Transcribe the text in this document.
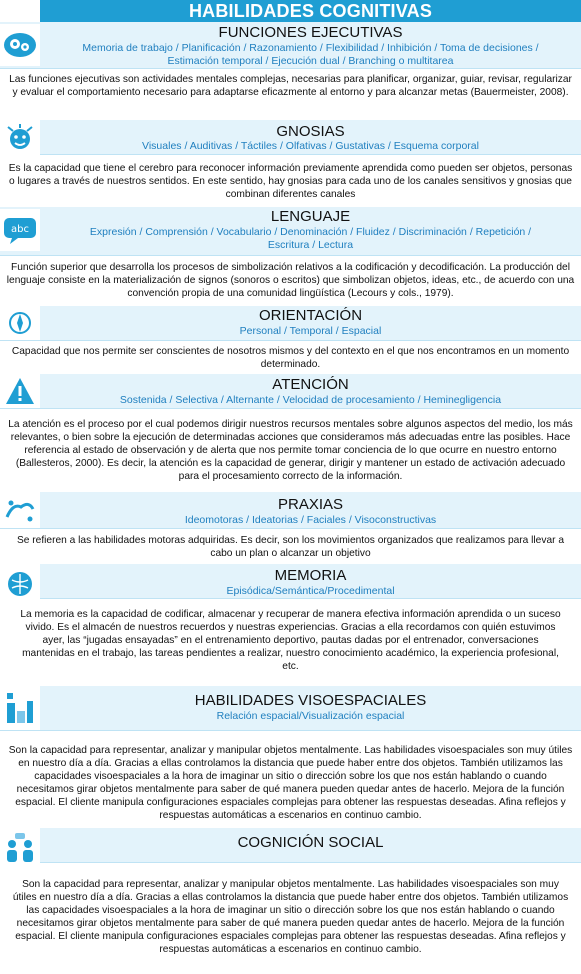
HABILIDADES COGNITIVAS
FUNCIONES EJECUTIVAS
Memoria de trabajo / Planificación / Razonamiento / Flexibilidad / Inhibición / Toma de decisiones /
Estimación temporal / Ejecución dual / Branching o multitarea
Las funciones ejecutivas son actividades mentales complejas, necesarias para planificar, organizar, guiar, revisar, regularizar y evaluar el comportamiento necesario para adaptarse eficazmente al entorno y para alcanzar metas (Bauermeister, 2008).
GNOSIAS
Visuales / Auditivas / Táctiles / Olfativas / Gustativas / Esquema corporal
Es la capacidad que tiene el cerebro para reconocer información previamente aprendida como pueden ser objetos, personas o lugares a través de nuestros sentidos. En este sentido, hay gnosias para cada uno de los canales sensitivos y gnosias que combinan diferentes canales
abc
LENGUAJE
Expresión / Comprensión / Vocabulario / Denominación / Fluidez / Discriminación / Repetición /
Escritura / Lectura
Función superior que desarrolla los procesos de simbolización relativos a la codificación y decodificación. La producción del lenguaje consiste en la materialización de signos (sonoros o escritos) que simbolizan objetos, ideas, etc., de acuerdo con una convención propia de una comunidad lingüística (Lecours y cols., 1979).
ORIENTACIÓN
Personal / Temporal / Espacial
Capacidad que nos permite ser conscientes de nosotros mismos y del contexto en el que nos encontramos en un momento determinado.
ATENCIÓN
Sostenida / Selectiva / Alternante / Velocidad de procesamiento / Heminegligencia
La atención es el proceso por el cual podemos dirigir nuestros recursos mentales sobre algunos aspectos del medio, los más relevantes, o bien sobre la ejecución de determinadas acciones que consideramos más adecuadas entre las posibles. Hace referencia al estado de observación y de alerta que nos permite tomar conciencia de lo que ocurre en nuestro entorno (Ballesteros, 2000). Es decir, la atención es la capacidad de generar, dirigir y mantener un estado de activación adecuado para el procesamiento correcto de la información.
PRAXIAS
Ideomotoras / Ideatorias / Faciales / Visoconstructivas
Se refieren a las habilidades motoras adquiridas. Es decir, son los movimientos organizados que realizamos para llevar a cabo un plan o alcanzar un objetivo
MEMORIA
Episódica/Semántica/Procedimental
La memoria es la capacidad de codificar, almacenar y recuperar de manera efectiva información aprendida o un suceso vivido. Es el almacén de nuestros recuerdos y nuestras experiencias. Gracias a ella recordamos con quién estuvimos ayer, las “jugadas ensayadas” en el entrenamiento deportivo, pautas dadas por el entrenador, conversaciones mantenidas en el trabajo, las tareas pendientes a realizar, nuestro conocimiento académico, la experiencia profesional, etc.
HABILIDADES VISOESPACIALES
Relación espacial/Visualización espacial
Son la capacidad para representar, analizar y manipular objetos mentalmente. Las habilidades visoespaciales son muy útiles en nuestro día a día. Gracias a ellas controlamos la distancia que puede haber entre dos objetos. También utilizamos las capacidades visoespaciales a la hora de imaginar un sitio o dirección sobre los que nos están hablando o cuando necesitamos girar objetos mentalmente para saber de qué manera pueden quedar antes de hacerlo. Mejora de la función espacial. El cliente manipula configuraciones espaciales complejas para obtener las respuestas deseadas. Afina reflejos y respuestas automáticas a escenarios en continuo cambio.
COGNICIÓN SOCIAL
Son la capacidad para representar, analizar y manipular objetos mentalmente. Las habilidades visoespaciales son muy útiles en nuestro día a día. Gracias a ellas controlamos la distancia que puede haber entre dos objetos. También utilizamos las capacidades visoespaciales a la hora de imaginar un sitio o dirección sobre los que nos están hablando o cuando necesitamos girar objetos mentalmente para saber de qué manera pueden quedar antes de hacerlo. Mejora de la función espacial. El cliente manipula configuraciones espaciales complejas para obtener las respuestas deseadas. Afina reflejos y respuestas automáticas a escenarios en continuo cambio.
